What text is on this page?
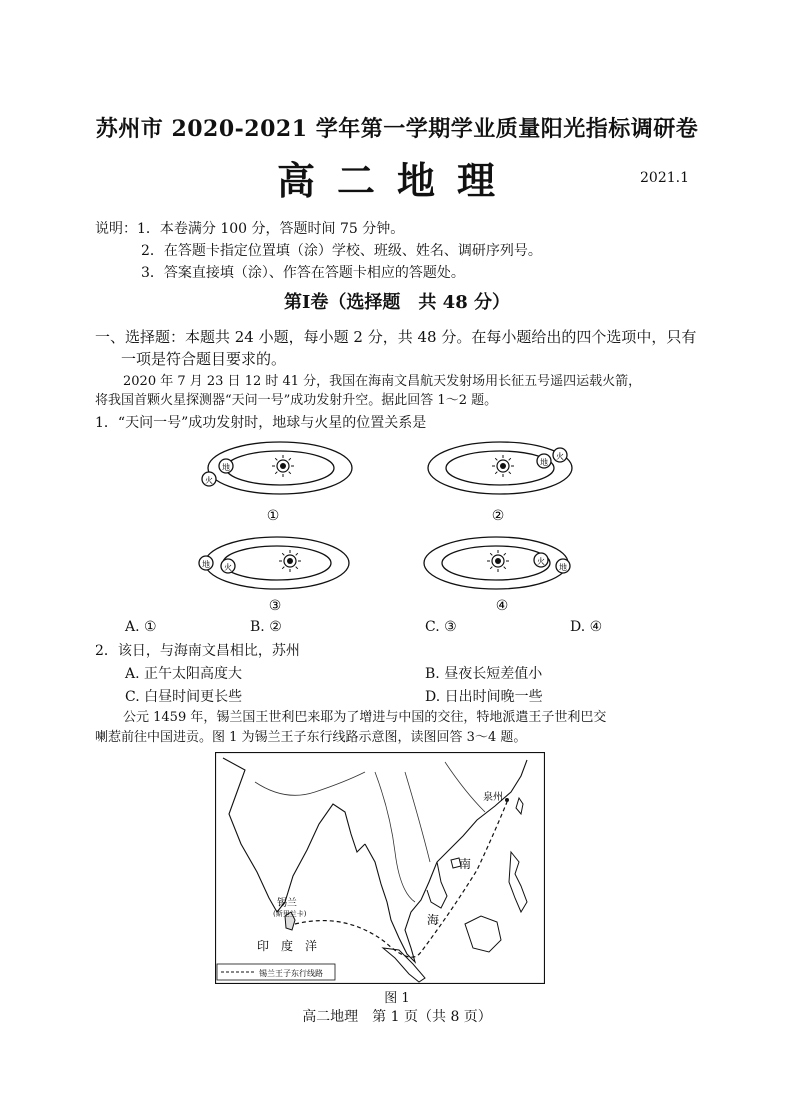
苏州市 2020-2021 学年第一学期学业质量阳光指标调研卷
高二地理	2021.1
说明：1．本卷满分 100 分，答题时间 75 分钟。
2．在答题卡指定位置填（涂）学校、班级、姓名、调研序列号。
3．答案直接填（涂）、作答在答题卡相应的答题处。
第Ⅰ卷（选择题　共 48 分）
一、选择题：本题共 24 小题，每小题 2 分，共 48 分。在每小题给出的四个选项中，只有
一项是符合题目要求的。
2020 年 7 月 23 日 12 时 41 分，我国在海南文昌航天发射场用长征五号遥四运载火箭，
将我国首颗火星探测器“天问一号”成功发射升空。据此回答 1～2 题。
1．“天问一号”成功发射时，地球与火星的位置关系是
地
火
①
地
火
②
地 火
③
地
火
④
A. ①	B. ②	C. ③	D. ④
2．该日，与海南文昌相比，苏州
A. 正午太阳高度大	B. 昼夜长短差值小
C. 白昼时间更长些	D. 日出时间晚一些
公元 1459 年，锡兰国王世利巴来耶为了增进与中国的交往，特地派遣王子世利巴交
喇惹前往中国进贡。图 1 为锡兰王子东行线路示意图，读图回答 3～4 题。
泉州
南
海
锡兰
(斯里兰卡)
印　度　洋
锡兰王子东行线路
图 1
高二地理　第 1 页（共 8 页）
